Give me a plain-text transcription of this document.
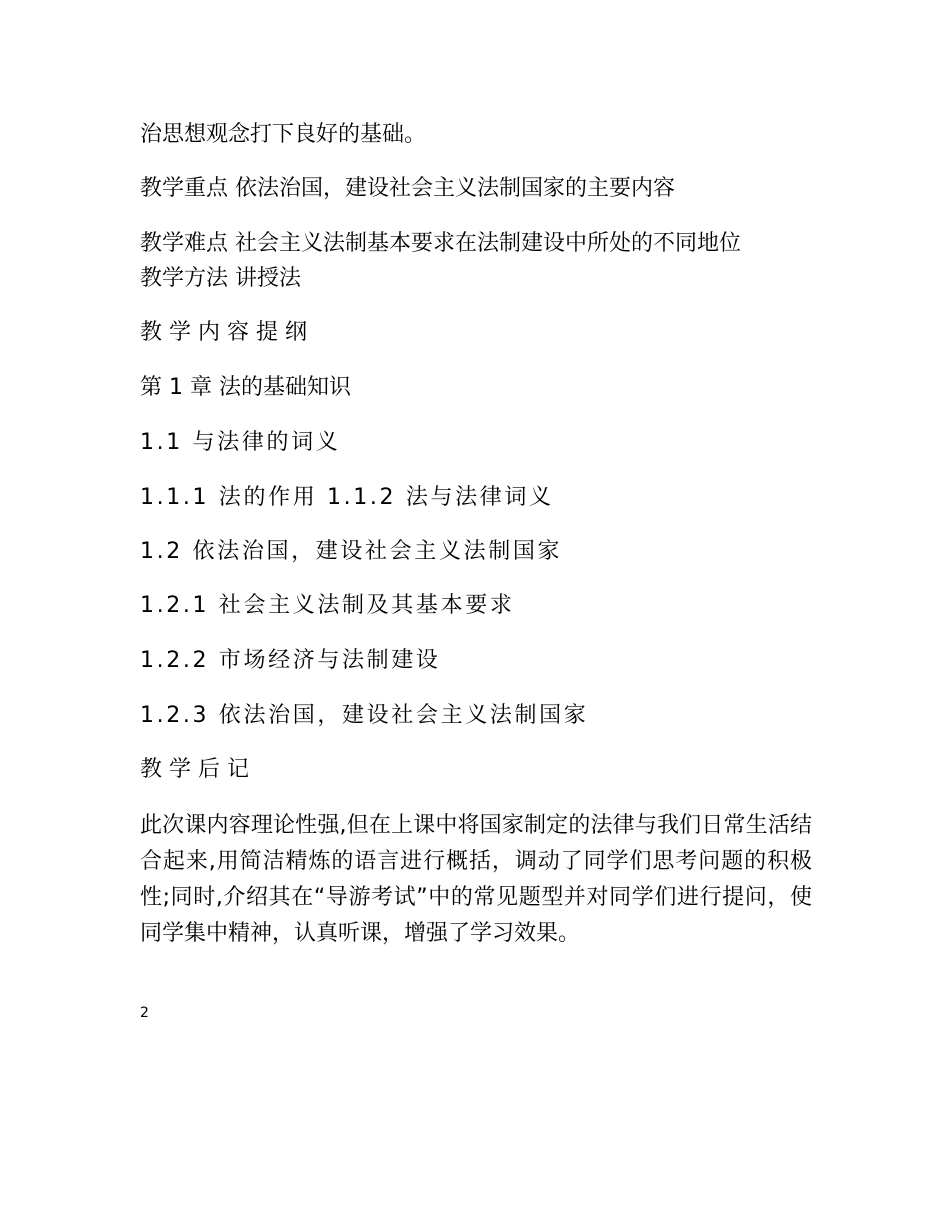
治思想观念打下良好的基础。

教学重点 依法治国，建设社会主义法制国家的主要内容

教学难点 社会主义法制基本要求在法制建设中所处的不同地位

教学方法 讲授法

教 学 内 容 提 纲

第 1 章 法的基础知识

1.1 与法律的词义

1.1.1 法的作用 1.1.2 法与法律词义

1.2 依法治国，建设社会主义法制国家

1.2.1 社会主义法制及其基本要求

1.2.2 市场经济与法制建设

1.2.3 依法治国，建设社会主义法制国家

教 学 后 记

此次课内容理论性强,但在上课中将国家制定的法律与我们日常生活结合起来,用简洁精炼的语言进行概括，调动了同学们思考问题的积极性;同时,介绍其在“导游考试”中的常见题型并对同学们进行提问，使同学集中精神，认真听课，增强了学习效果。

2
